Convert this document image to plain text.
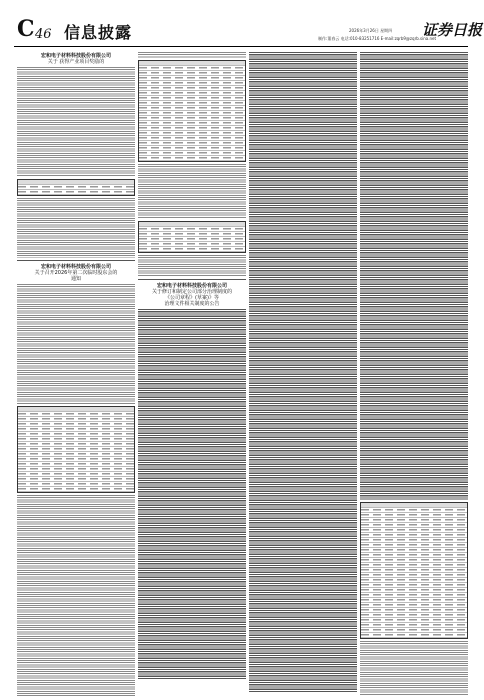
C 46 信息披露	2026年3月26日 星期四
制作:董春云 电话:010-83251716 E-mail:zqrb9@zqrb.sina.net
证券日报
宏和电子材料科技股份有限公司
关于 获得产业项目奖励的
宏和电子材料科技股份有限公司
关于召开2026年第二次临时股东会的
通知
宏和电子材料科技股份有限公司
关于修订和制定公司部分治理制度的
《公司章程》(草案)》等
治理文件相关制度的公告
